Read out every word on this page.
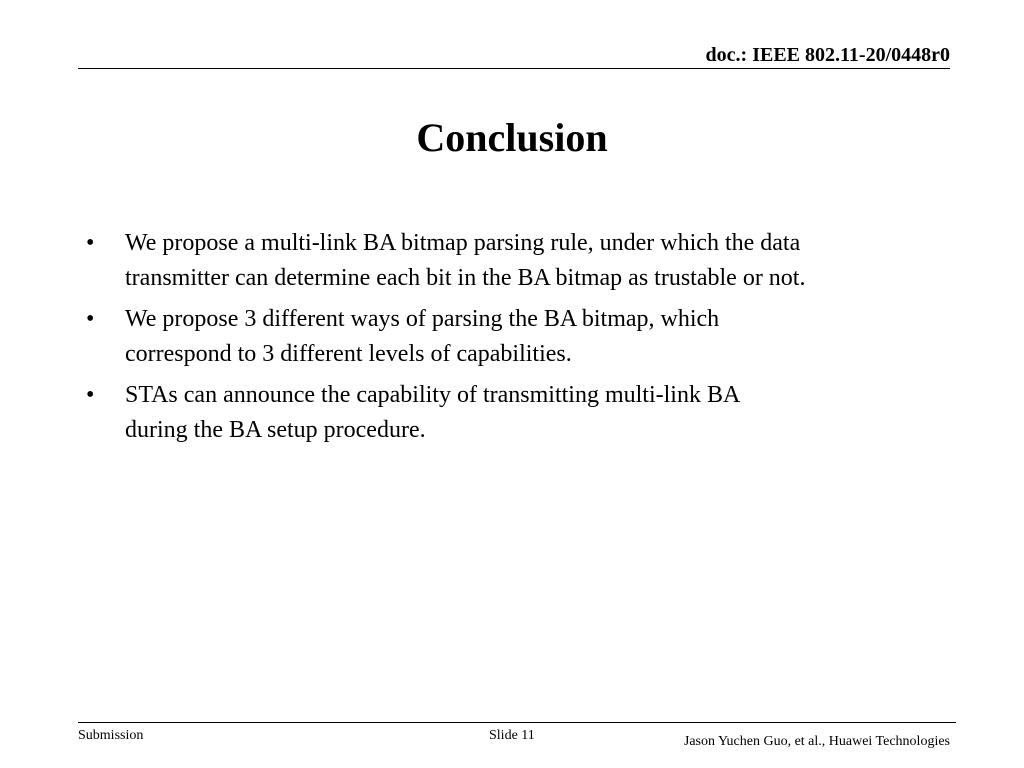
doc.: IEEE 802.11-20/0448r0
Conclusion
• We propose a multi-link BA bitmap parsing rule, under which the data
transmitter can determine each bit in the BA bitmap as trustable or not.
• We propose 3 different ways of parsing the BA bitmap, which
correspond to 3 different levels of capabilities.
• STAs can announce the capability of transmitting multi-link BA
during the BA setup procedure.
Submission	Slide 11	Jason Yuchen Guo, et al., Huawei Technologies
